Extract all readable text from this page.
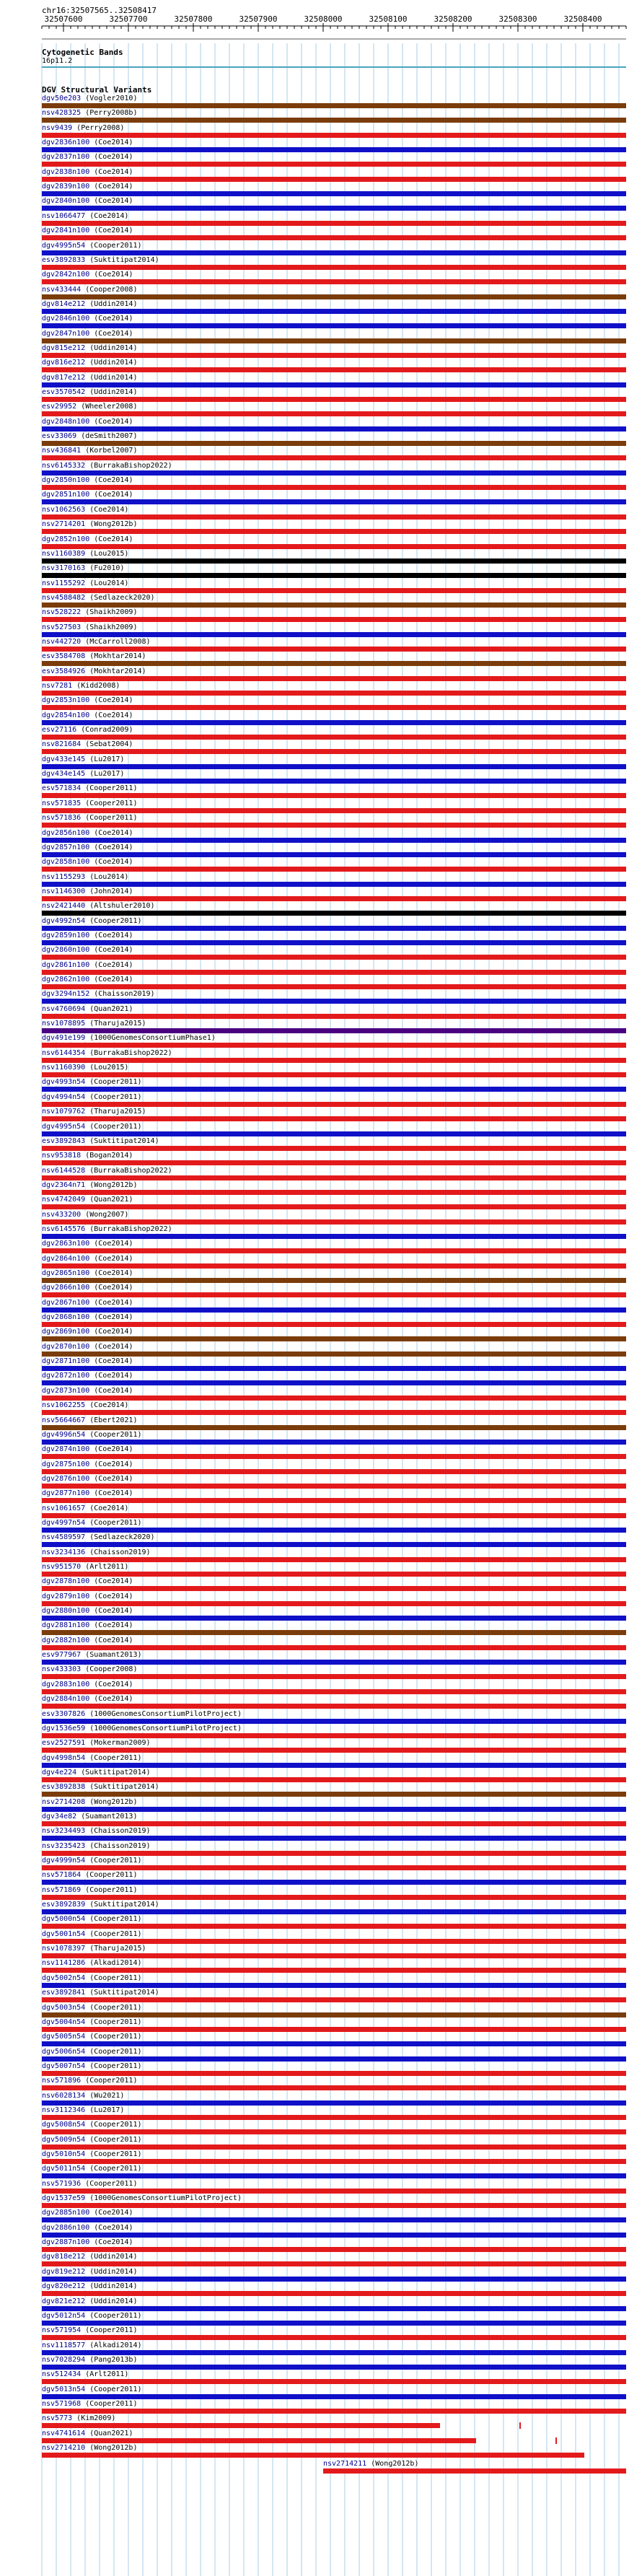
chr16:32507565..32508417
32507600	32507700	32507800	32507900	32508000	32508100	32508200	32508300	32508400
Cytogenetic Bands
16p11.2
DGV Structural Variants
dgv50e203 (Vogler2010)
nsv428325 (Perry2008b)
nsv9439 (Perry2008)
dgv2836n100 (Coe2014)
dgv2837n100 (Coe2014)
dgv2838n100 (Coe2014)
dgv2839n100 (Coe2014)
dgv2840n100 (Coe2014)
nsv1066477 (Coe2014)
dgv2841n100 (Coe2014)
dgv4995n54 (Cooper2011)
esv3892833 (Suktitipat2014)
dgv2842n100 (Coe2014)
nsv433444 (Cooper2008)
dgv814e212 (Uddin2014)
dgv2846n100 (Coe2014)
dgv2847n100 (Coe2014)
dgv815e212 (Uddin2014)
dgv816e212 (Uddin2014)
dgv817e212 (Uddin2014)
esv3570542 (Uddin2014)
esv29952 (Wheeler2008)
dgv2848n100 (Coe2014)
esv33069 (deSmith2007)
nsv436841 (Korbel2007)
nsv6145332 (BurrakaBishop2022)
dgv2850n100 (Coe2014)
dgv2851n100 (Coe2014)
nsv1062563 (Coe2014)
nsv2714201 (Wong2012b)
dgv2852n100 (Coe2014)
nsv1160389 (Lou2015)
nsv3170163 (Fu2010)
nsv1155292 (Lou2014)
nsv4588482 (Sedlazeck2020)
nsv528222 (Shaikh2009)
nsv527503 (Shaikh2009)
nsv442720 (McCarroll2008)
esv3584708 (Mokhtar2014)
esv3584926 (Mokhtar2014)
nsv7281 (Kidd2008)
dgv2853n100 (Coe2014)
dgv2854n100 (Coe2014)
esv27116 (Conrad2009)
nsv821684 (Sebat2004)
dgv433e145 (Lu2017)
dgv434e145 (Lu2017)
esv571834 (Cooper2011)
nsv571835 (Cooper2011)
nsv571836 (Cooper2011)
dgv2856n100 (Coe2014)
dgv2857n100 (Coe2014)
dgv2858n100 (Coe2014)
nsv1155293 (Lou2014)
nsv1146300 (John2014)
nsv2421440 (Altshuler2010)
dgv4992n54 (Cooper2011)
dgv2859n100 (Coe2014)
dgv2860n100 (Coe2014)
dgv2861n100 (Coe2014)
dgv2862n100 (Coe2014)
dgv3294n152 (Chaisson2019)
nsv4760694 (Quan2021)
nsv1078895 (Tharuja2015)
dgv491e199 (1000GenomesConsortiumPhase1)
nsv6144354 (BurrakaBishop2022)
nsv1160390 (Lou2015)
dgv4993n54 (Cooper2011)
dgv4994n54 (Cooper2011)
nsv1079762 (Tharuja2015)
dgv4995n54 (Cooper2011)
esv3892843 (Suktitipat2014)
nsv953818 (Bogan2014)
nsv6144528 (BurrakaBishop2022)
dgv2364n71 (Wong2012b)
nsv4742049 (Quan2021)
nsv433200 (Wong2007)
nsv6145576 (BurrakaBishop2022)
dgv2863n100 (Coe2014)
dgv2864n100 (Coe2014)
dgv2865n100 (Coe2014)
dgv2866n100 (Coe2014)
dgv2867n100 (Coe2014)
dgv2868n100 (Coe2014)
dgv2869n100 (Coe2014)
dgv2870n100 (Coe2014)
dgv2871n100 (Coe2014)
dgv2872n100 (Coe2014)
dgv2873n100 (Coe2014)
nsv1062255 (Coe2014)
nsv5664667 (Ebert2021)
dgv4996n54 (Cooper2011)
dgv2874n100 (Coe2014)
dgv2875n100 (Coe2014)
dgv2876n100 (Coe2014)
dgv2877n100 (Coe2014)
nsv1061657 (Coe2014)
dgv4997n54 (Cooper2011)
nsv4589597 (Sedlazeck2020)
nsv3234136 (Chaisson2019)
nsv951570 (Arlt2011)
dgv2878n100 (Coe2014)
dgv2879n100 (Coe2014)
dgv2880n100 (Coe2014)
dgv2881n100 (Coe2014)
dgv2882n100 (Coe2014)
esv977967 (Suamant2013)
nsv433303 (Cooper2008)
dgv2883n100 (Coe2014)
dgv2884n100 (Coe2014)
esv3307826 (1000GenomesConsortiumPilotProject)
dgv1536e59 (1000GenomesConsortiumPilotProject)
esv2527591 (Mokerman2009)
dgv4998n54 (Cooper2011)
dgv4e224 (Suktitipat2014)
esv3892838 (Suktitipat2014)
nsv2714208 (Wong2012b)
dgv34e82 (Suamant2013)
nsv3234493 (Chaisson2019)
nsv3235423 (Chaisson2019)
dgv4999n54 (Cooper2011)
nsv571864 (Cooper2011)
nsv571869 (Cooper2011)
esv3892839 (Suktitipat2014)
dgv5000n54 (Cooper2011)
dgv5001n54 (Cooper2011)
nsv1078397 (Tharuja2015)
nsv1141286 (Alkadi2014)
dgv5002n54 (Cooper2011)
esv3892841 (Suktitipat2014)
dgv5003n54 (Cooper2011)
dgv5004n54 (Cooper2011)
dgv5005n54 (Cooper2011)
dgv5006n54 (Cooper2011)
dgv5007n54 (Cooper2011)
nsv571896 (Cooper2011)
nsv6028134 (Wu2021)
nsv3112346 (Lu2017)
dgv5008n54 (Cooper2011)
dgv5009n54 (Cooper2011)
dgv5010n54 (Cooper2011)
dgv5011n54 (Cooper2011)
nsv571936 (Cooper2011)
dgv1537e59 (1000GenomesConsortiumPilotProject)
dgv2885n100 (Coe2014)
dgv2886n100 (Coe2014)
dgv2887n100 (Coe2014)
dgv818e212 (Uddin2014)
dgv819e212 (Uddin2014)
dgv820e212 (Uddin2014)
dgv821e212 (Uddin2014)
dgv5012n54 (Cooper2011)
nsv571954 (Cooper2011)
nsv1118577 (Alkadi2014)
nsv7028294 (Pang2013b)
nsv512434 (Arlt2011)
dgv5013n54 (Cooper2011)
nsv571968 (Cooper2011)
nsv5773 (Kim2009)
nsv4741614 (Quan2021)
nsv2714210 (Wong2012b)
nsv2714211 (Wong2012b)
